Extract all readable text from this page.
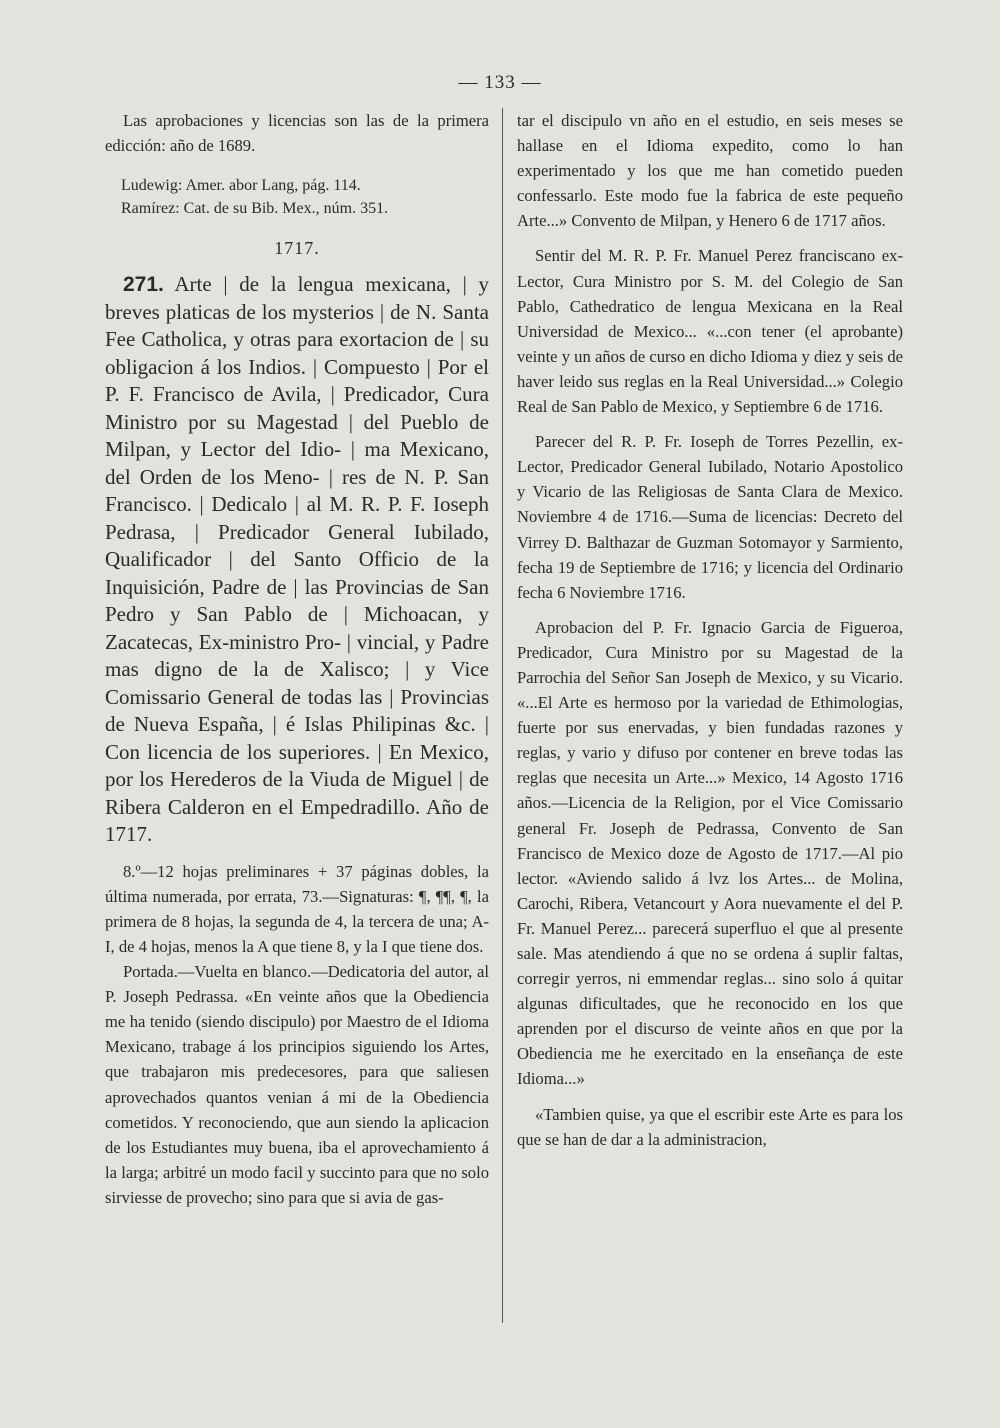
— 133 —

Las aprobaciones y licencias son las de la primera edicción: año de 1689.

Ludewig: Amer. abor Lang, pág. 114.

Ramírez: Cat. de su Bib. Mex., núm. 351.

1717.

271. Arte | de la lengua mexicana, | y breves platicas de los mysterios | de N. Santa Fee Catholica, y otras para exortacion de | su obligacion á los Indios. | Compuesto | Por el P. F. Francisco de Avila, | Predicador, Cura Ministro por su Magestad | del Pueblo de Milpan, y Lector del Idio- | ma Mexicano, del Orden de los Meno- | res de N. P. San Francisco. | Dedicalo | al M. R. P. F. Ioseph Pedrasa, | Predicador General Iubilado, Qualificador | del Santo Officio de la Inquisición, Padre de | las Provincias de San Pedro y San Pablo de | Michoacan, y Zacatecas, Ex-ministro Pro- | vincial, y Padre mas digno de la de Xalisco; | y Vice Comissario General de todas las | Provincias de Nueva España, | é Islas Philipinas &c. | Con licencia de los superiores. | En Mexico, por los Herederos de la Viuda de Miguel | de Ribera Calderon en el Empedradillo. Año de 1717.

8.º—12 hojas preliminares + 37 páginas dobles, la última numerada, por errata, 73.—Signaturas: ¶, ¶¶, ¶, la primera de 8 hojas, la segunda de 4, la tercera de una; A-I, de 4 hojas, menos la A que tiene 8, y la I que tiene dos.

Portada.—Vuelta en blanco.—Dedicatoria del autor, al P. Joseph Pedrassa. «En veinte años que la Obediencia me ha tenido (siendo discipulo) por Maestro de el Idioma Mexicano, trabage á los principios siguiendo los Artes, que trabajaron mis predecesores, para que saliesen aprovechados quantos venian á mi de la Obediencia cometidos. Y reconociendo, que aun siendo la aplicacion de los Estudiantes muy buena, iba el aprovechamiento á la larga; arbitré un modo facil y succinto para que no solo sirviesse de provecho; sino para que si avia de gas-

tar el discipulo vn año en el estudio, en seis meses se hallase en el Idioma expedito, como lo han experimentado y los que me han cometido pueden confessarlo. Este modo fue la fabrica de este pequeño Arte...» Convento de Milpan, y Henero 6 de 1717 años.

Sentir del M. R. P. Fr. Manuel Perez franciscano ex-Lector, Cura Ministro por S. M. del Colegio de San Pablo, Cathedratico de lengua Mexicana en la Real Universidad de Mexico... «...con tener (el aprobante) veinte y un años de curso en dicho Idioma y diez y seis de haver leido sus reglas en la Real Universidad...» Colegio Real de San Pablo de Mexico, y Septiembre 6 de 1716.

Parecer del R. P. Fr. Ioseph de Torres Pezellin, ex-Lector, Predicador General Iubilado, Notario Apostolico y Vicario de las Religiosas de Santa Clara de Mexico. Noviembre 4 de 1716.—Suma de licencias: Decreto del Virrey D. Balthazar de Guzman Sotomayor y Sarmiento, fecha 19 de Septiembre de 1716; y licencia del Ordinario fecha 6 Noviembre 1716.

Aprobacion del P. Fr. Ignacio Garcia de Figueroa, Predicador, Cura Ministro por su Magestad de la Parrochia del Señor San Joseph de Mexico, y su Vicario. «...El Arte es hermoso por la variedad de Ethimologias, fuerte por sus enervadas, y bien fundadas razones y reglas, y vario y difuso por contener en breve todas las reglas que necesita un Arte...» Mexico, 14 Agosto 1716 años.—Licencia de la Religion, por el Vice Comissario general Fr. Joseph de Pedrassa, Convento de San Francisco de Mexico doze de Agosto de 1717.—Al pio lector. «Aviendo salido á lvz los Artes... de Molina, Carochi, Ribera, Vetancourt y Aora nuevamente el del P. Fr. Manuel Perez... parecerá superfluo el que al presente sale. Mas atendiendo á que no se ordena á suplir faltas, corregir yerros, ni emmendar reglas... sino solo á quitar algunas dificultades, que he reconocido en los que aprenden por el discurso de veinte años en que por la Obediencia me he exercitado en la enseñança de este Idioma...»

«Tambien quise, ya que el escribir este Arte es para los que se han de dar a la administracion,
